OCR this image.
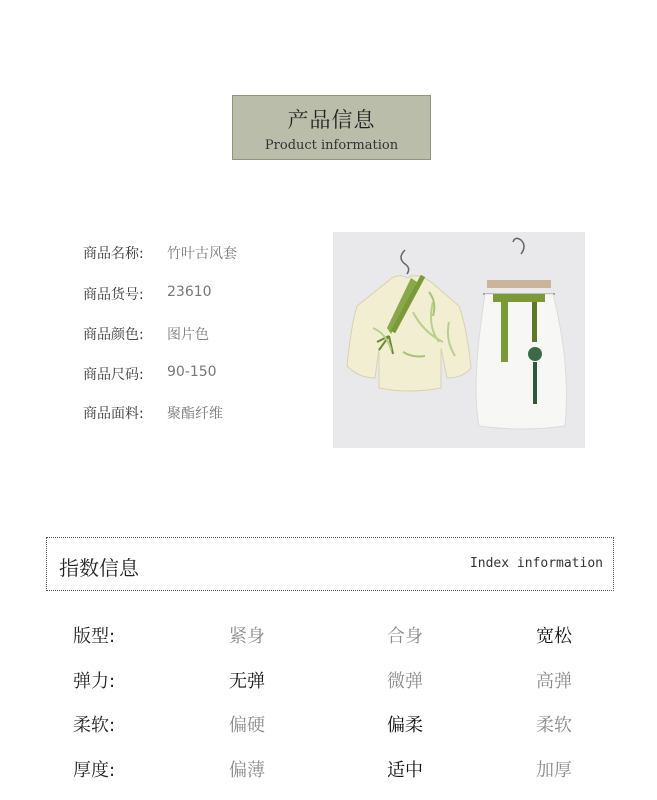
产品信息
Product information
商品名称: 竹叶古风套
商品货号: 23610
商品颜色: 图片色
商品尺码: 90-150
商品面料: 聚酯纤维
指数信息	Index information
版型:	紧身	合身	宽松
弹力:	无弹	微弹	高弹
柔软:	偏硬	偏柔	柔软
厚度:	偏薄	适中	加厚
